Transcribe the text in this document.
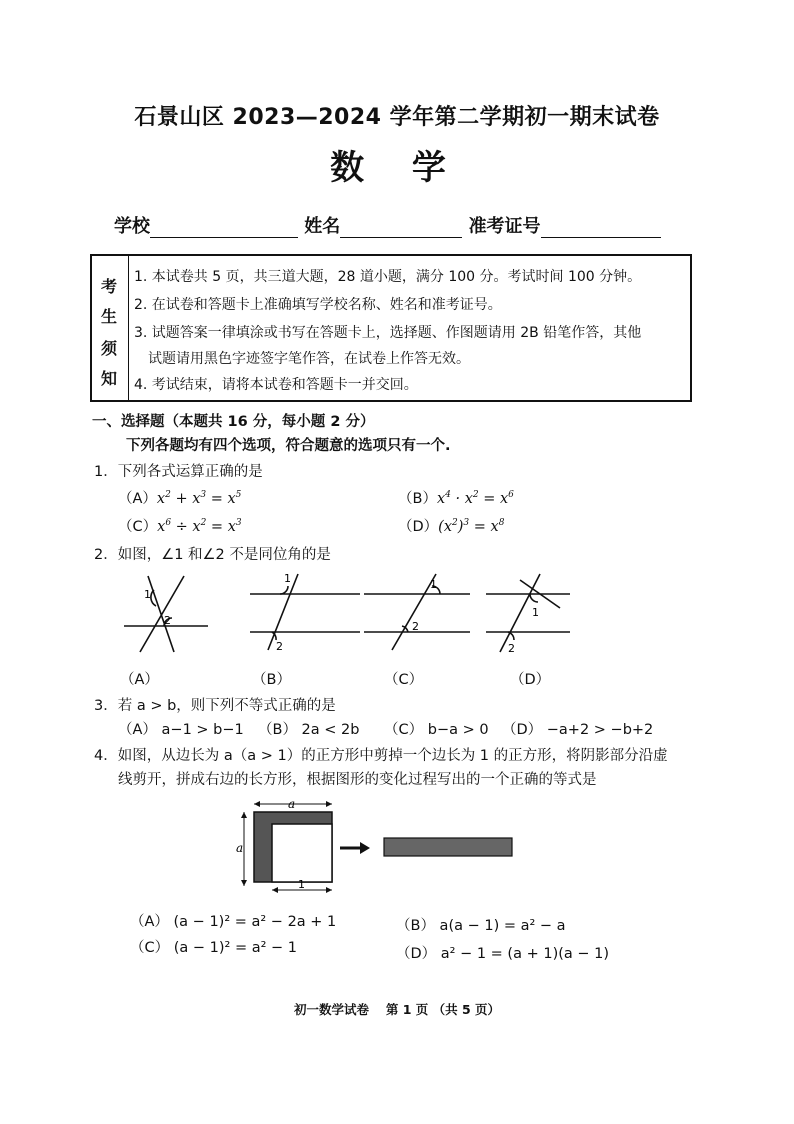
石景山区 2023—2024 学年第二学期初一期末试卷
数 学
学校	姓名	准考证号
考
生
须
知
1. 本试卷共 5 页，共三道大题，28 道小题，满分 100 分。考试时间 100 分钟。
2. 在试卷和答题卡上准确填写学校名称、姓名和准考证号。
3. 试题答案一律填涂或书写在答题卡上，选择题、作图题请用 2B 铅笔作答，其他
试题请用黑色字迹签字笔作答，在试卷上作答无效。
4. 考试结束，请将本试卷和答题卡一并交回。
一、选择题（本题共 16 分，每小题 2 分）
下列各题均有四个选项，符合题意的选项只有一个.
1．下列各式运算正确的是
$(A)x^2 + x^3 = x^5$	$(B)x^4 \cdot x^2 = x^6$
$(C)x^6 \div x^2 = x^3$	$(D)(x^2)^3 = x^8$
2．如图，∠1 和∠2 不是同位角的是
1
2
1
2
1
2
1
2
（A）	（B）	（C）	（D）
3．若 a > b，则下列不等式正确的是
（A） a−1 > b−1 （B） 2a < 2b （C） b−a > 0 （D） −a+2 > −b+2
4．如图，从边长为 a（a > 1）的正方形中剪掉一个边长为 1 的正方形，将阴影部分沿虚
线剪开，拼成右边的长方形，根据图形的变化过程写出的一个正确的等式是
a
a
1
（A） (a − 1)² = a² − 2a + 1	（B） a(a − 1) = a² − a
（C） (a − 1)² = a² − 1	（D） a² − 1 = (a + 1)(a − 1)
初一数学试卷　 第 1 页 （共 5 页）
